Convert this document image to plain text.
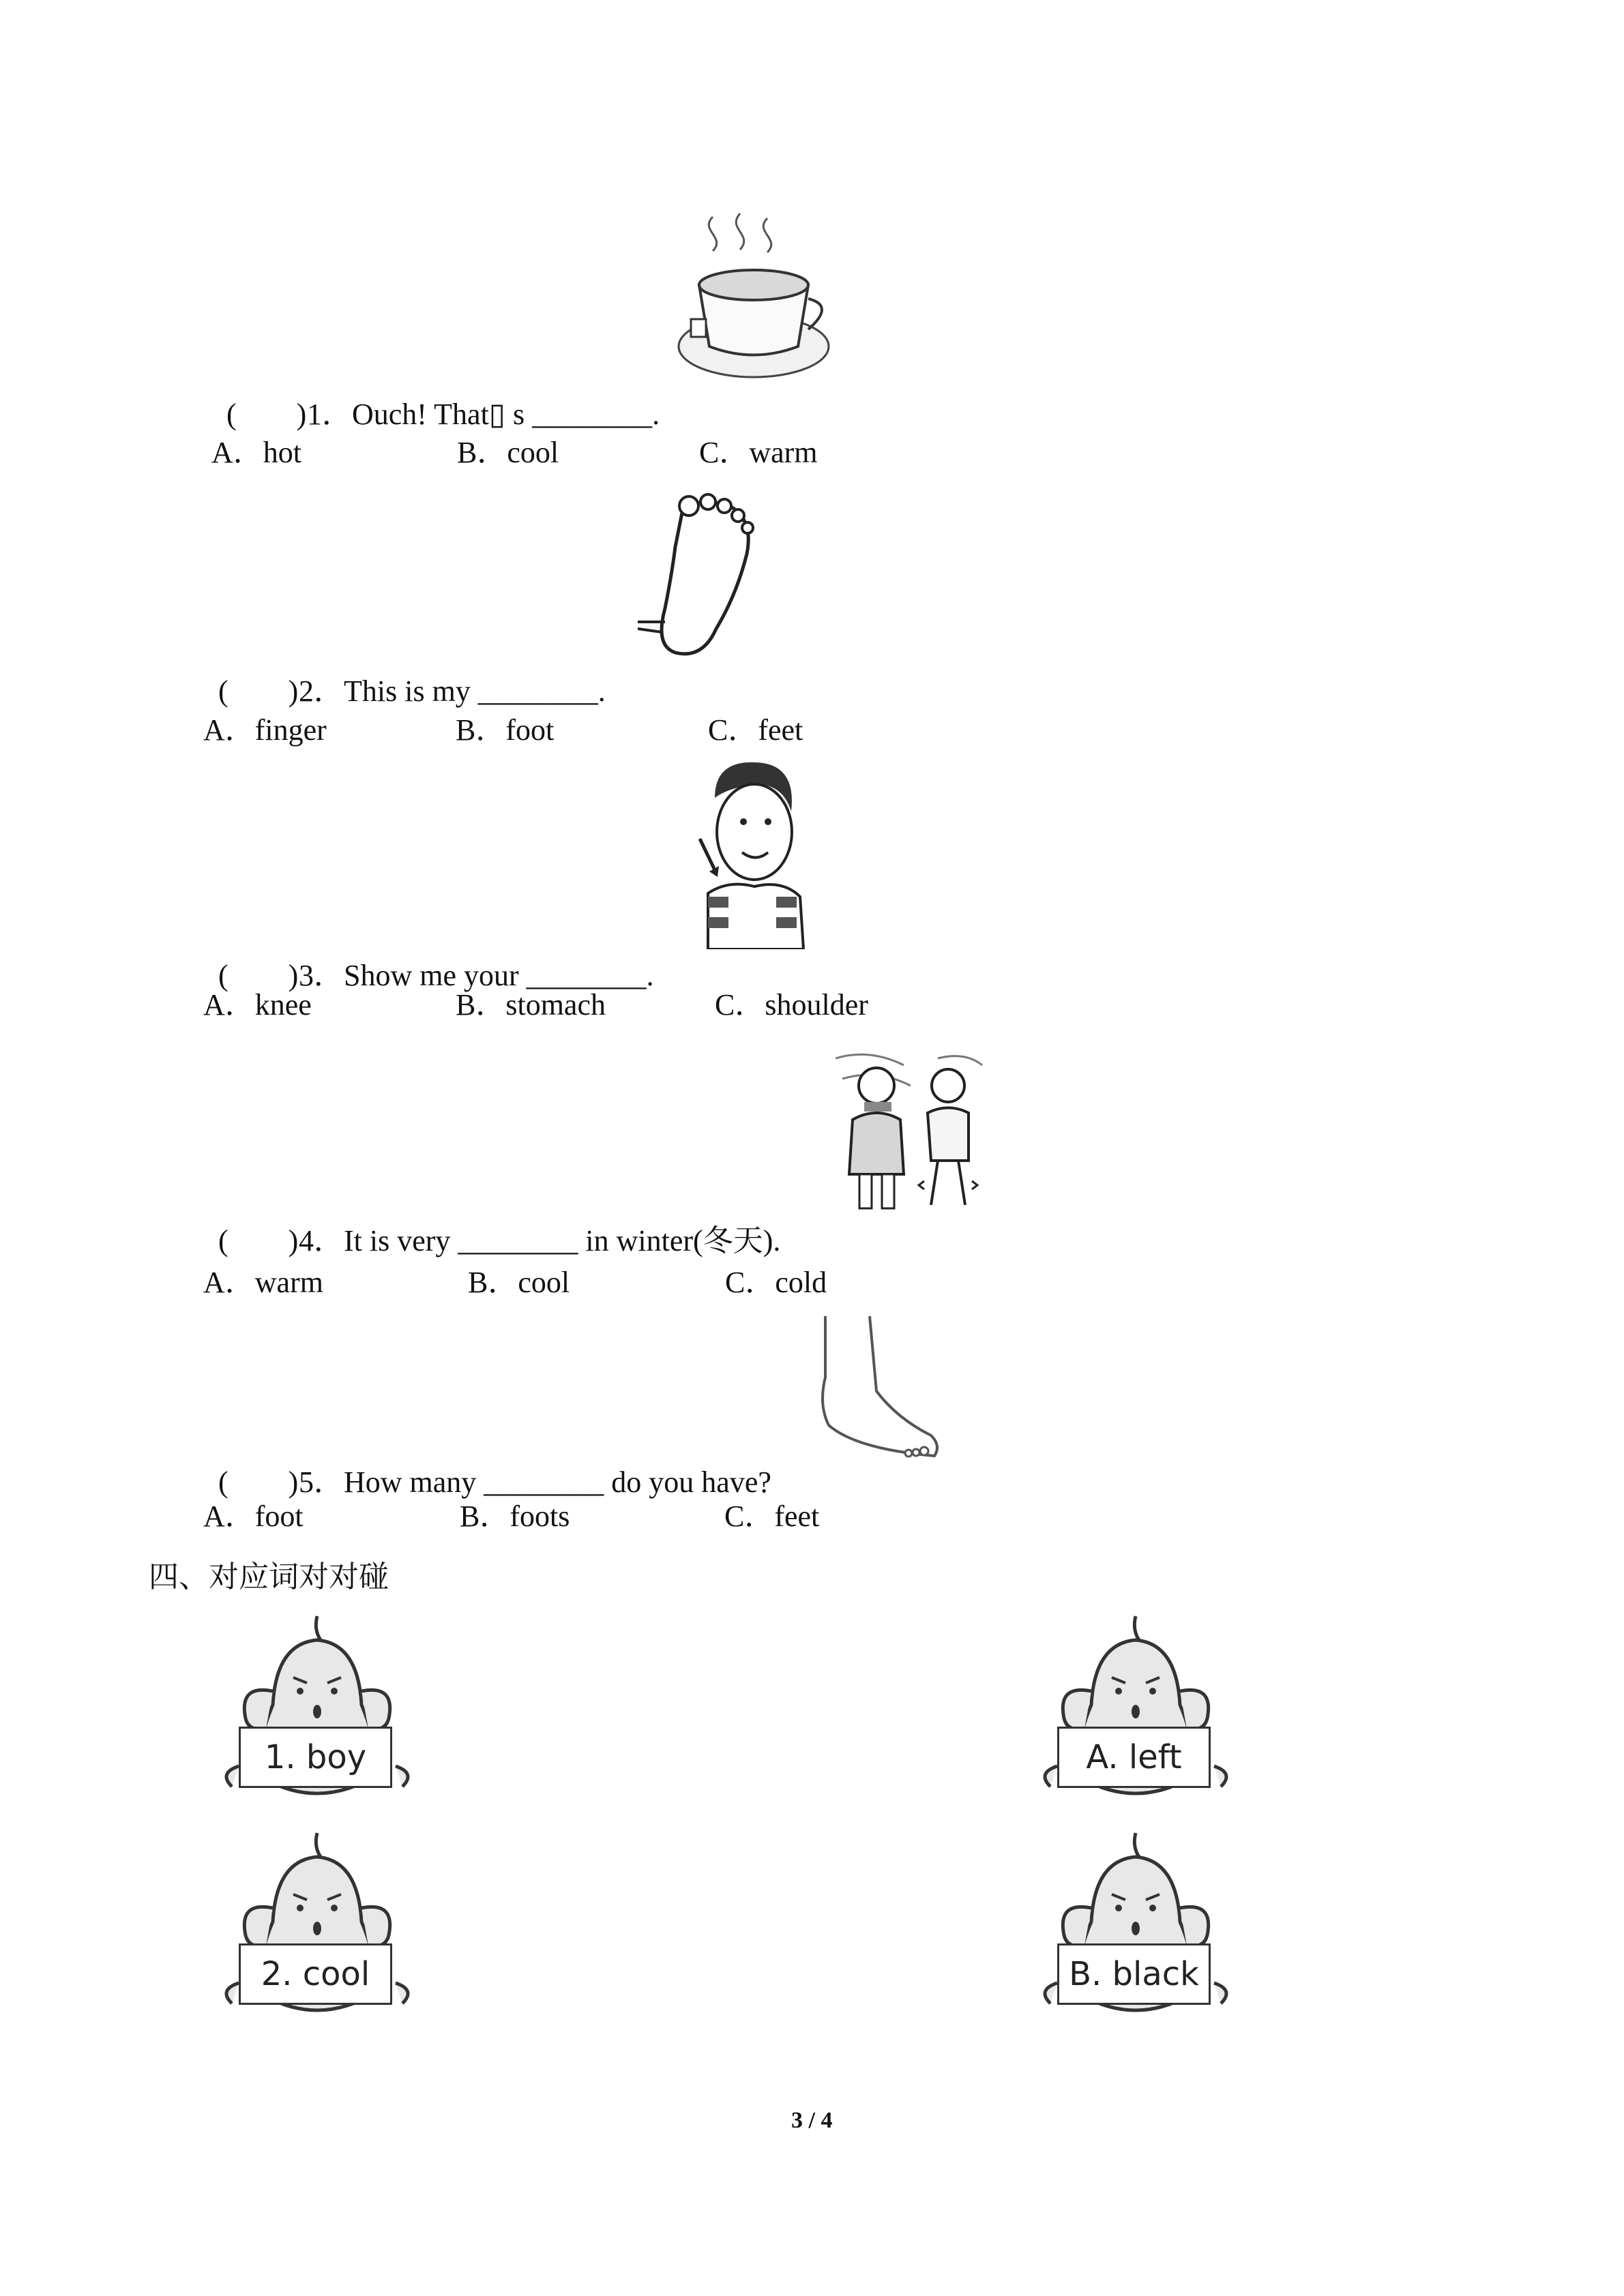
(        )1．Ouch! That▯ s ________.

A．hot

	B．cool

	C．warm

(        )2．This is my ________.

A．finger

	B．foot

	C．feet

(        )3．Show me your ________.

A．knee

	B．stomach

	C．shoulder

(        )4．It is very ________ in winter(冬天).

A．warm

	B．cool

	C．cold

(        )5．How many ________ do you have?

A．foot

	B．foots

	C．feet

四、对应词对对碰
1. boy	A. left
2. cool	B. black
3 / 4
